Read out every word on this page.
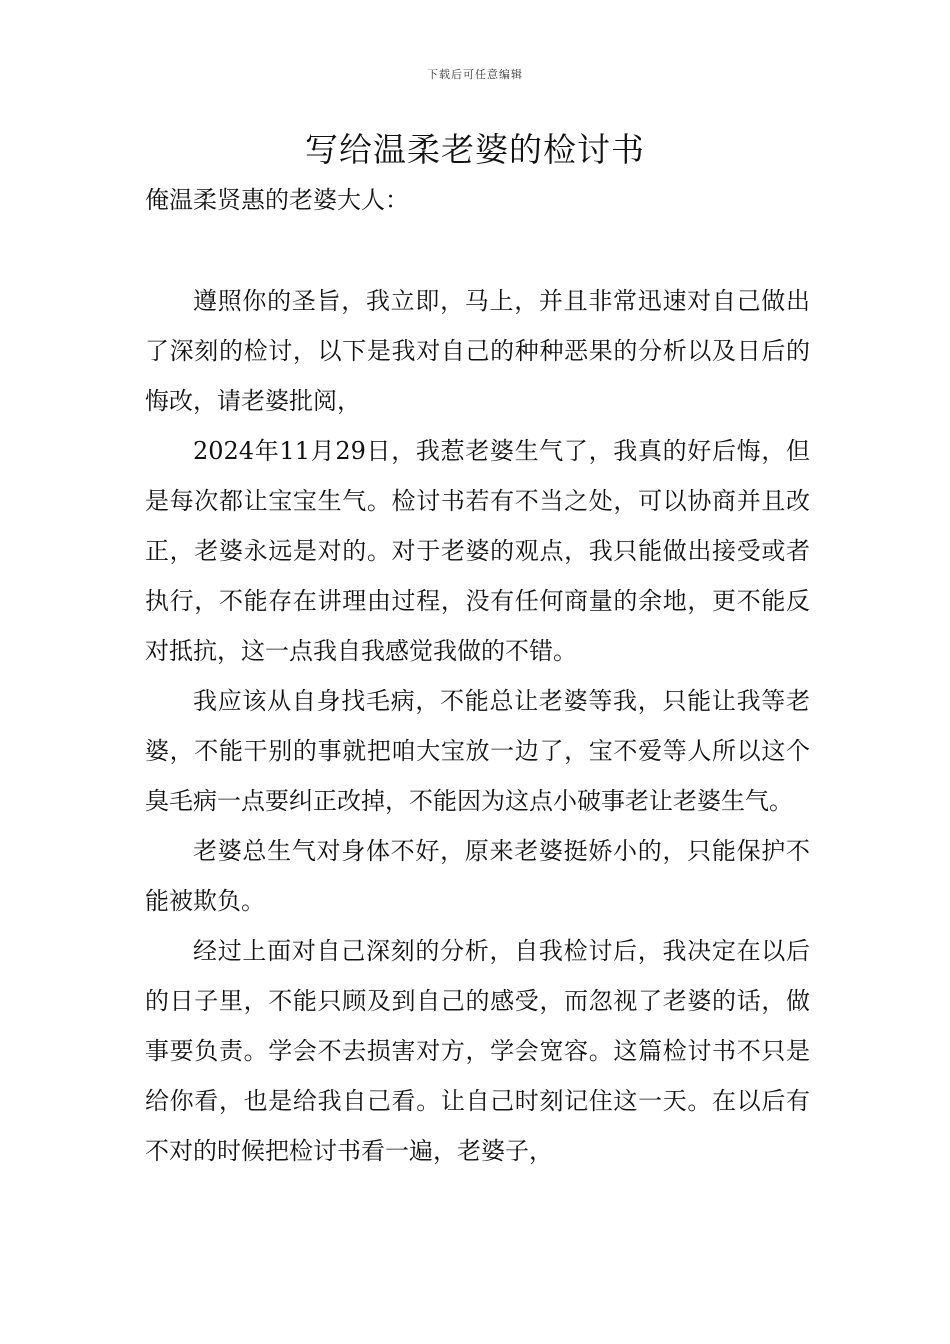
下载后可任意编辑
写给温柔老婆的检讨书

俺温柔贤惠的老婆大人：

遵照你的圣旨，我立即，马上，并且非常迅速对自己做出了深刻的检讨，以下是我对自己的种种恶果的分析以及日后的悔改，请老婆批阅，

2024年11月29日，我惹老婆生气了，我真的好后悔，但是每次都让宝宝生气。检讨书若有不当之处，可以协商并且改正，老婆永远是对的。对于老婆的观点，我只能做出接受或者执行，不能存在讲理由过程，没有任何商量的余地，更不能反对抵抗，这一点我自我感觉我做的不错。

我应该从自身找毛病，不能总让老婆等我，只能让我等老婆，不能干别的事就把咱大宝放一边了，宝不爱等人所以这个臭毛病一点要纠正改掉，不能因为这点小破事老让老婆生气。

老婆总生气对身体不好，原来老婆挺娇小的，只能保护不能被欺负。

经过上面对自己深刻的分析，自我检讨后，我决定在以后的日子里，不能只顾及到自己的感受，而忽视了老婆的话，做事要负责。学会不去损害对方，学会宽容。这篇检讨书不只是给你看，也是给我自己看。让自己时刻记住这一天。在以后有不对的时候把检讨书看一遍，老婆子，
